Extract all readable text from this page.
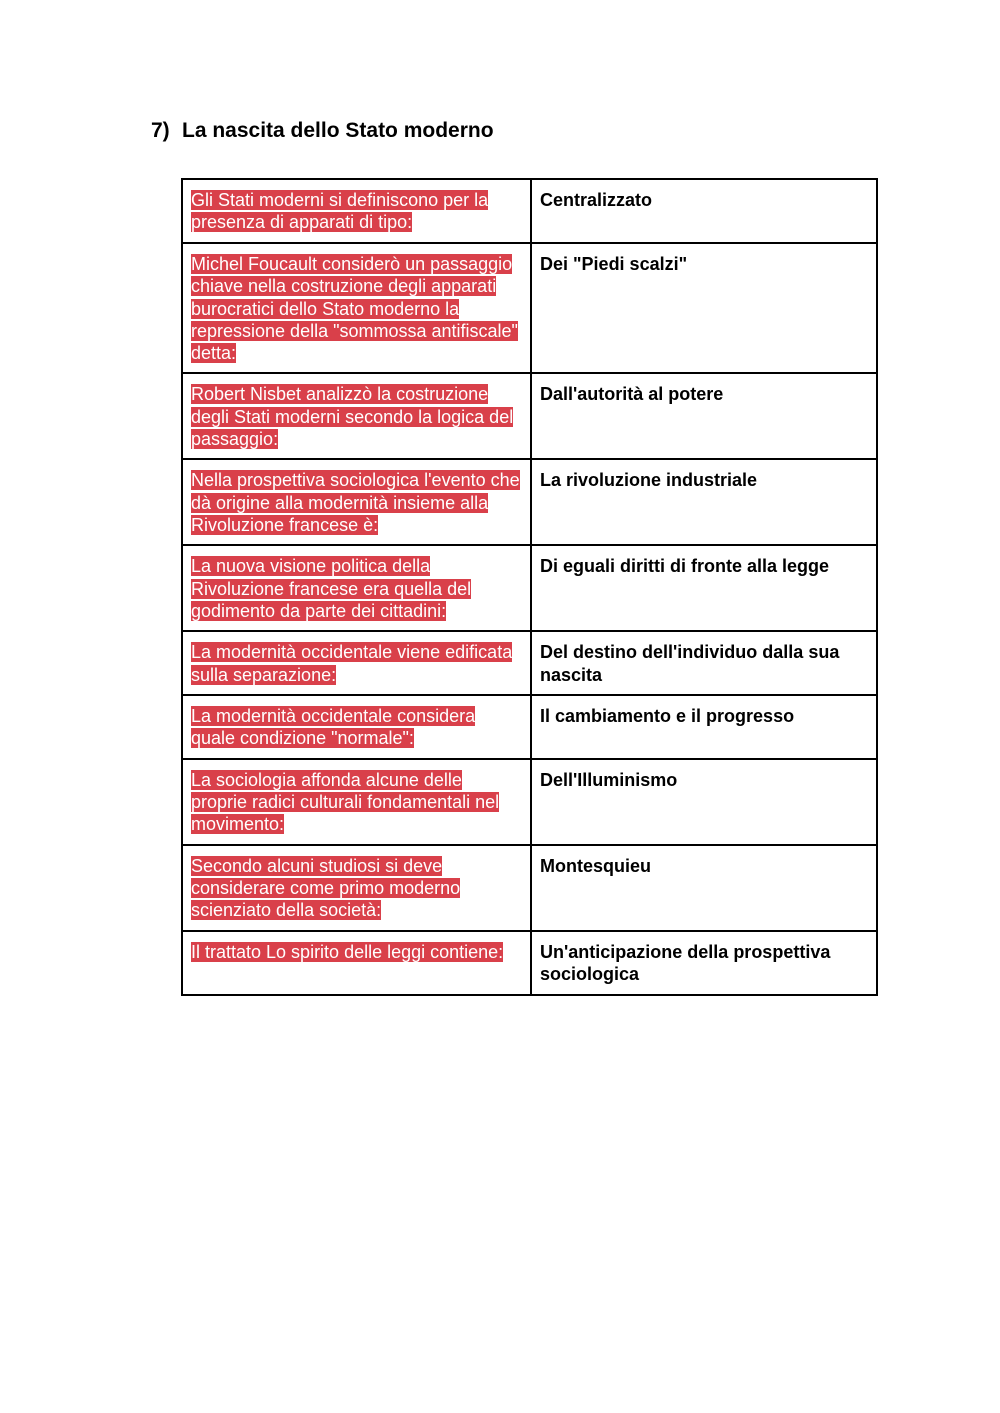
7) La nascita dello Stato moderno
Gli Stati moderni si definiscono per la presenza di apparati di tipo:	Centralizzato
Michel Foucault considerò un passaggio chiave nella costruzione degli apparati burocratici dello Stato moderno la repressione della "sommossa antifiscale" detta:	Dei "Piedi scalzi"
Robert Nisbet analizzò la costruzione degli Stati moderni secondo la logica del passaggio:	Dall'autorità al potere
Nella prospettiva sociologica l'evento che dà origine alla modernità insieme alla Rivoluzione francese è:	La rivoluzione industriale
La nuova visione politica della Rivoluzione francese era quella del godimento da parte dei cittadini:	Di eguali diritti di fronte alla legge
La modernità occidentale viene edificata sulla separazione:	Del destino dell'individuo dalla sua nascita
La modernità occidentale considera quale condizione "normale":	Il cambiamento e il progresso
La sociologia affonda alcune delle proprie radici culturali fondamentali nel movimento:	Dell'Illuminismo
Secondo alcuni studiosi si deve considerare come primo moderno scienziato della società:	Montesquieu
Il trattato Lo spirito delle leggi contiene:	Un'anticipazione della prospettiva sociologica
